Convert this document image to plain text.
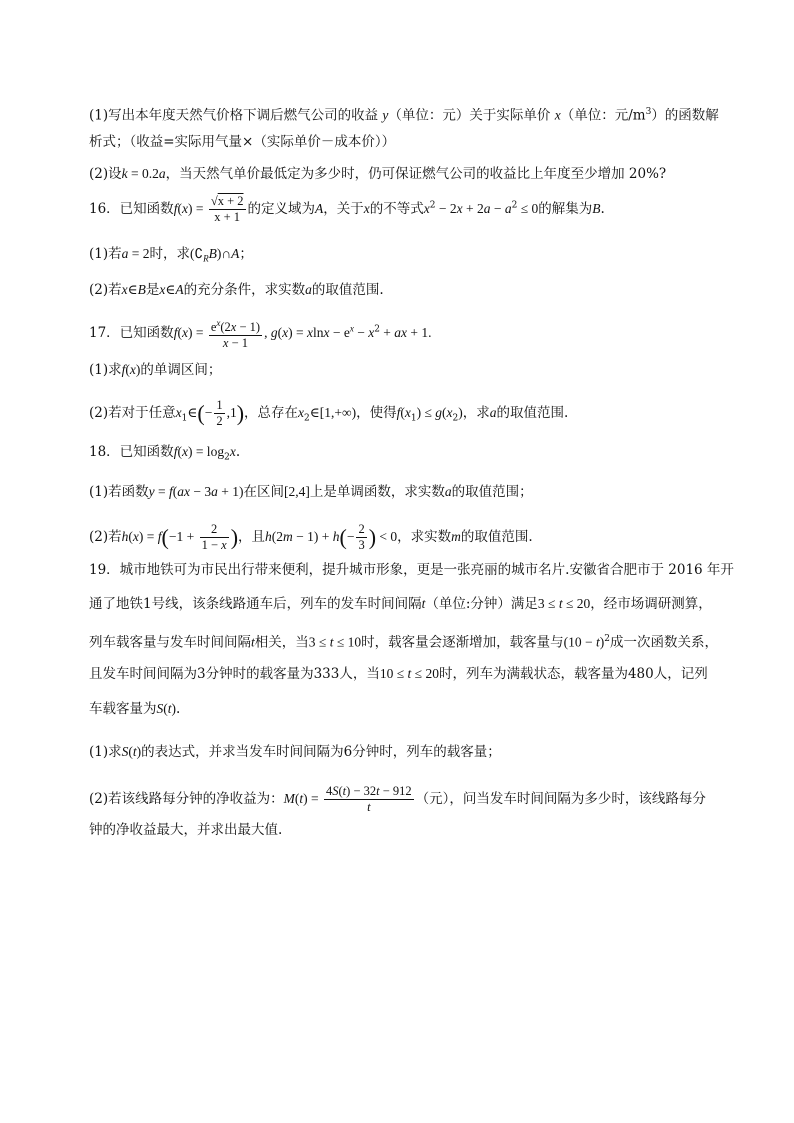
(1)写出本年度天然气价格下调后燃气公司的收益 y（单位：元）关于实际单价 x（单位：元$/m^3$）的函数解
析式；（收益=实际用气量×（实际单价－成本价））
(2)设k = 0.2a，当天然气单价最低定为多少时，仍可保证燃气公司的收益比上年度至少增加 20%?
16．已知函数$f(x) = \frac{√x + 2}{x + 1}$ 的定义域为A，关于x的不等式$x^2 - 2x + 2a - a^2 \le 0$的解集为B.
(1)若a = 2时，求$(∁_RB)\cap A$；
(2)若x∈B是x∈A的充分条件，求实数a的取值范围.
17．已知函数$f(x) = \frac{e^x(2x - 1)}{x - 1}$ , $g(x) = xlnx - e^x - x^2$ + ax + 1.
(1)求f(x)的单调区间；
(2)若对于任意$x_1\in(- \frac{1}{2} ,1)$，总存在$x_2\in[1,+\infty)$，使得$f(x_1) \le g(x_2)$，求a的取值范围.
18．已知函数$f(x) = \log_2x$.
(1)若函数y = f(ax − 3a + 1)在区间[2,4]上是单调函数，求实数a的取值范围；
(2)若$h(x) = f(-1 + \frac{2}{1 - x}$ )，且$h(2m - 1) + h(- \frac{2}{3}$ ) < 0，求实数m的取值范围.
19．城市地铁可为市民出行带来便利，提升城市形象，更是一张亮丽的城市名片.安徽省合肥市于 2016 年开
通了地铁1号线，该条线路通车后，列车的发车时间间隔t（单位:分钟）满足3 ≤ t ≤ 20，经市场调研测算，
列车载客量与发车时间间隔t相关，当3 ≤ t ≤ 10时，载客量会逐渐增加，载客量与$(10 - t)^2$成一次函数关系，
且发车时间间隔为3分钟时的载客量为333人，当10 ≤ t ≤ 20时，列车为满载状态，载客量为480人，记列
车载客量为S(t).
(1)求S(t)的表达式，并求当发车时间间隔为6分钟时，列车的载客量；
(2)若该线路每分钟的净收益为：$M(t) = \frac{4S(t) - 32t - 912}{t}$ （元），问当发车时间间隔为多少时，该线路每分
钟的净收益最大，并求出最大值.
